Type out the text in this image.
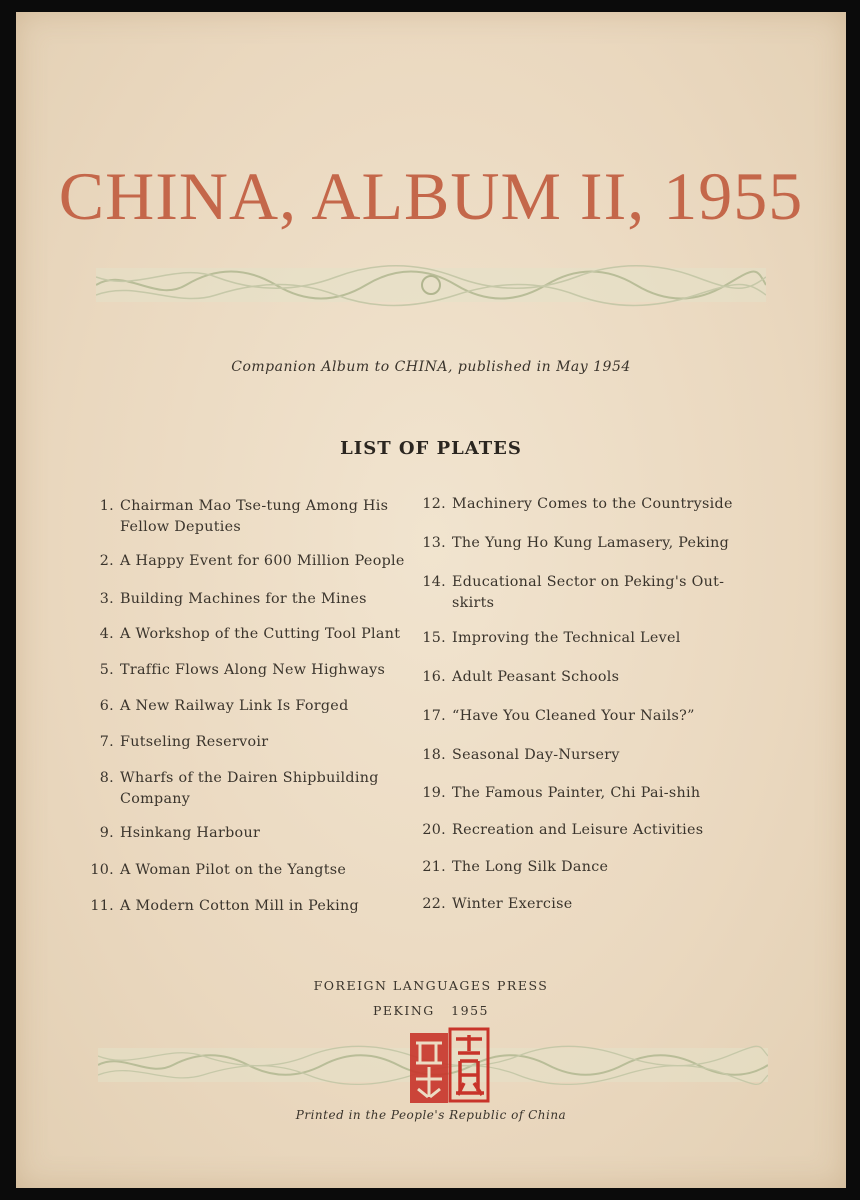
CHINA, ALBUM II, 1955
Companion Album to CHINA, published in May 1954
LIST OF PLATES
1. Chairman Mao Tse-tung Among His
Fellow Deputies
2. A Happy Event for 600 Million People
3. Building Machines for the Mines
4. A Workshop of the Cutting Tool Plant
5. Traffic Flows Along New Highways
6. A New Railway Link Is Forged
7. Futseling Reservoir
8. Wharfs of the Dairen Shipbuilding
Company
9. Hsinkang Harbour
10. A Woman Pilot on the Yangtse
11. A Modern Cotton Mill in Peking
12. Machinery Comes to the Countryside
13. The Yung Ho Kung Lamasery, Peking
14. Educational Sector on Peking's Out-
skirts
15. Improving the Technical Level
16. Adult Peasant Schools
17. “Have You Cleaned Your Nails?”
18. Seasonal Day-Nursery
19. The Famous Painter, Chi Pai-shih
20. Recreation and Leisure Activities
21. The Long Silk Dance
22. Winter Exercise
FOREIGN LANGUAGES PRESS
PEKING   1955
Printed in the People's Republic of China
